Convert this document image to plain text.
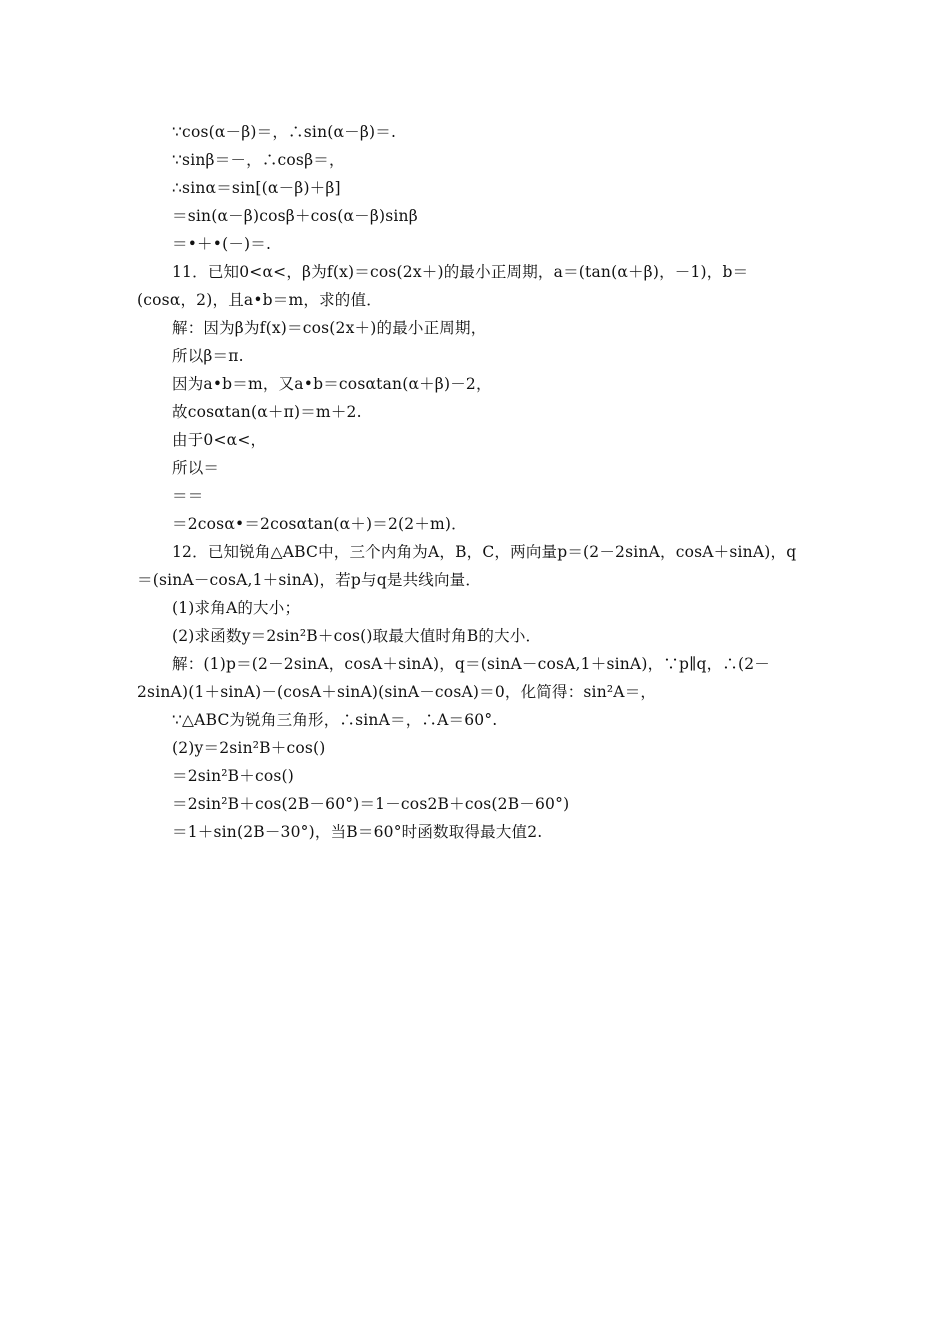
∵cos(α－β)＝，∴sin(α－β)＝.
∵sinβ＝－，∴cosβ＝，
∴sinα＝sin[(α－β)＋β]
＝sin(α－β)cosβ＋cos(α－β)sinβ
＝•＋•(－)＝.
11．已知0<α<，β为f(x)＝cos(2x＋)的最小正周期，a＝(tan(α＋β)，－1)，b＝
(cosα，2)，且a•b＝m，求的值．
解：因为β为f(x)＝cos(2x＋)的最小正周期，
所以β＝π.
因为a•b＝m，又a•b＝cosαtan(α＋β)－2，
故cosαtan(α＋π)＝m＋2.
由于0<α<，
所以＝
＝＝
＝2cosα•＝2cosαtan(α＋)＝2(2＋m)．
12．已知锐角△ABC中，三个内角为A，B，C，两向量p＝(2－2sinA，cosA＋sinA)，q
＝(sinA－cosA,1＋sinA)，若p与q是共线向量．
(1)求角A的大小；
(2)求函数y＝2sin²B＋cos()取最大值时角B的大小．
解：(1)p＝(2－2sinA，cosA＋sinA)，q＝(sinA－cosA,1＋sinA)，∵p∥q，∴(2－
2sinA)(1＋sinA)－(cosA＋sinA)(sinA－cosA)＝0，化简得：sin²A＝，
∵△ABC为锐角三角形，∴sinA＝，∴A＝60°.
(2)y＝2sin²B＋cos()
＝2sin²B＋cos()
＝2sin²B＋cos(2B－60°)＝1－cos2B＋cos(2B－60°)
＝1＋sin(2B－30°)，当B＝60°时函数取得最大值2.
